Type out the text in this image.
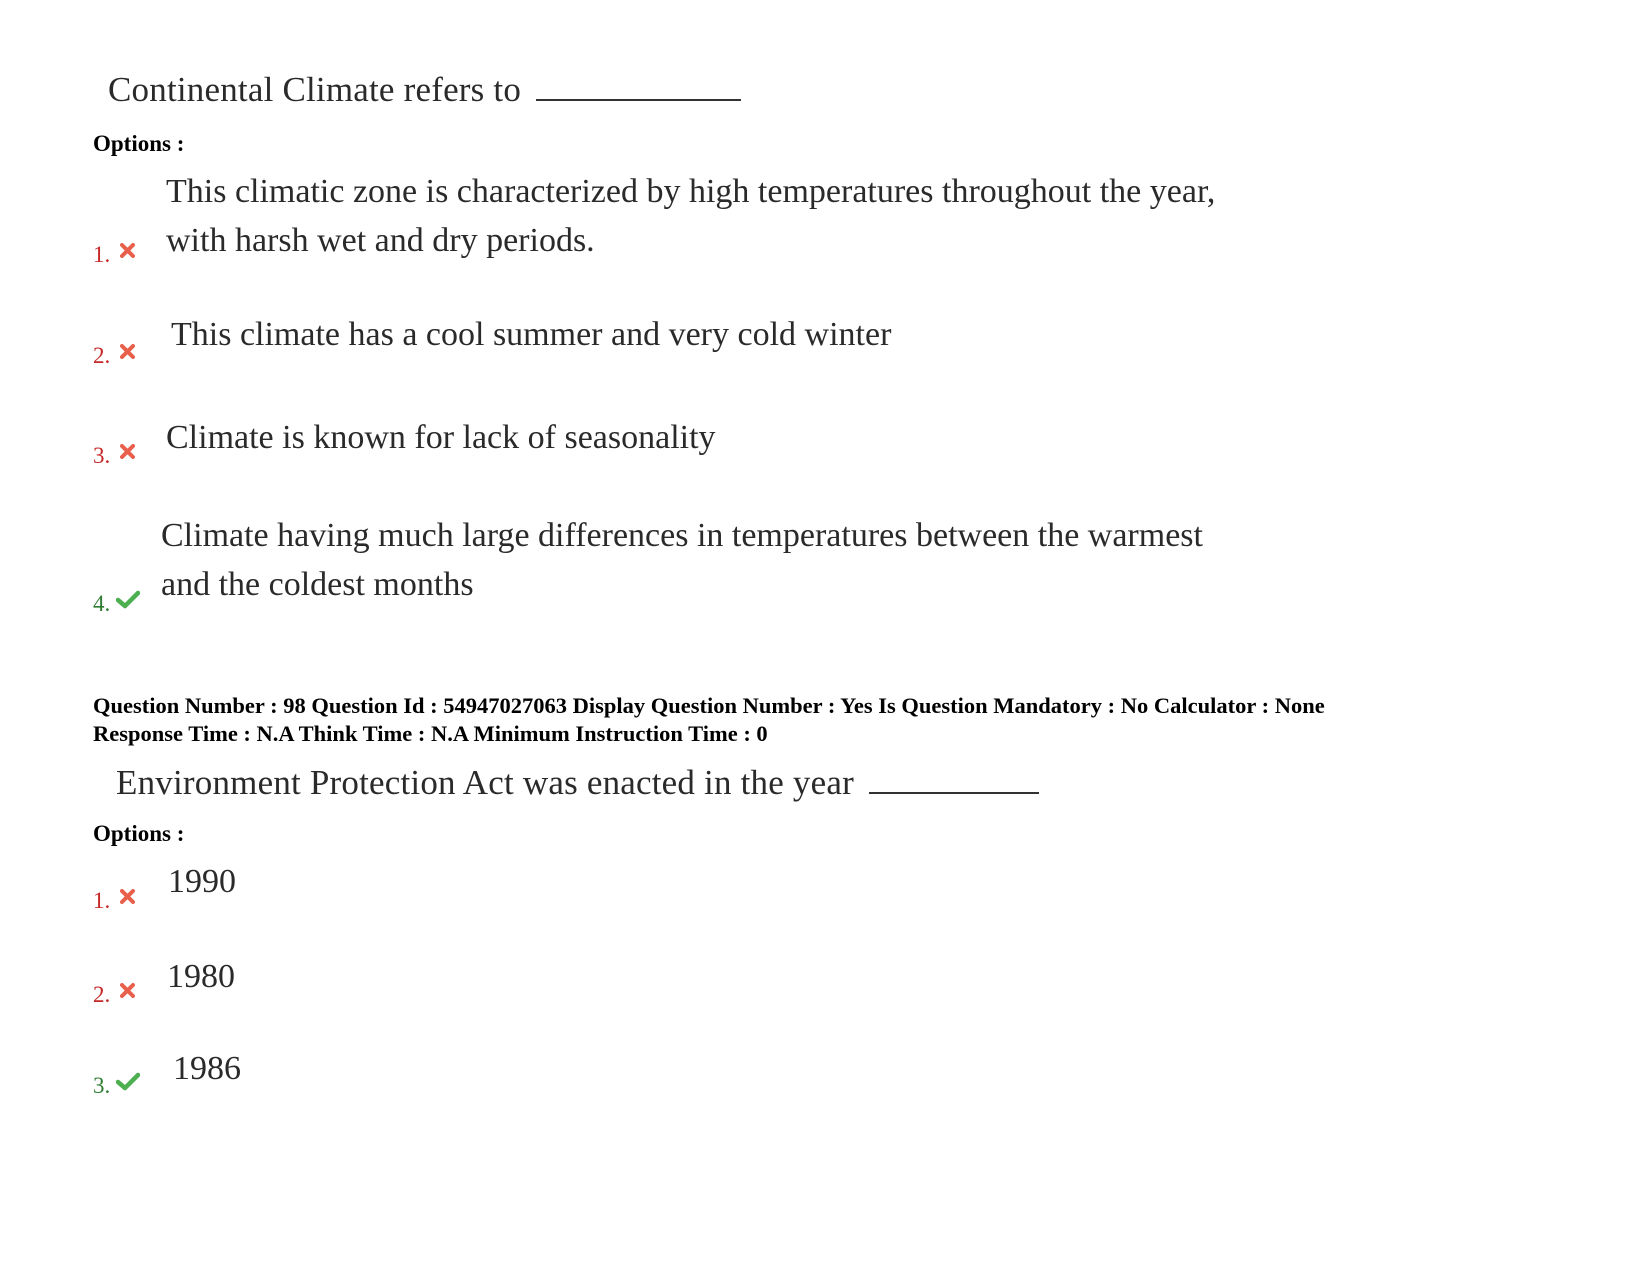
Continental Climate refers to
Options :
1.
This climatic zone is characterized by high temperatures throughout the year,
with harsh wet and dry periods.
2.
This climate has a cool summer and very cold winter
3. Climate is known for lack of seasonality
4.
Climate having much large differences in temperatures between the warmest
and the coldest months
Question Number : 98 Question Id : 54947027063 Display Question Number : Yes Is Question Mandatory : No Calculator : None
Response Time : N.A Think Time : N.A Minimum Instruction Time : 0
Environment Protection Act was enacted in the year
Options :
1.
1990
2. 1980
3. 1986
